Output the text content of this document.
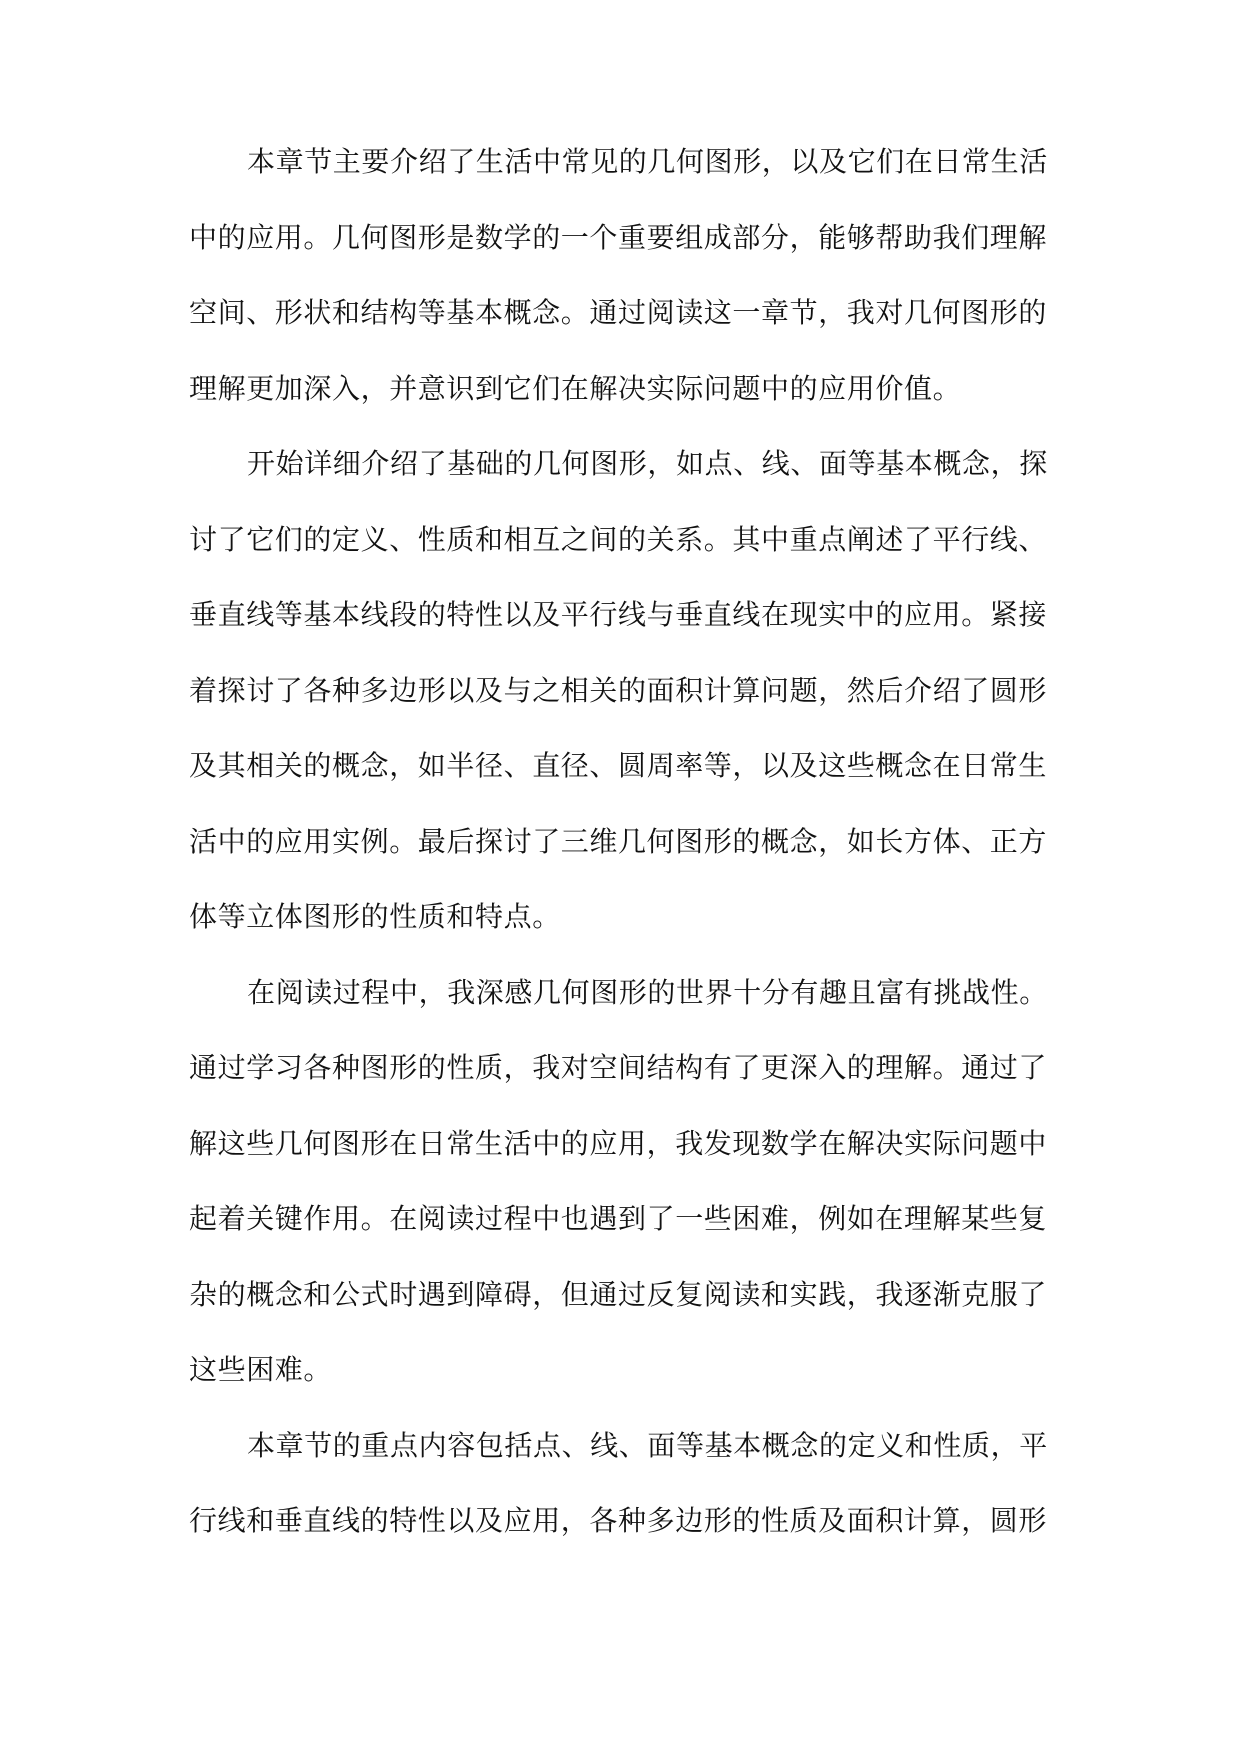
本章节主要介绍了生活中常见的几何图形，以及它们在日常生活
中的应用。几何图形是数学的一个重要组成部分，能够帮助我们理解
空间、形状和结构等基本概念。通过阅读这一章节，我对几何图形的
理解更加深入，并意识到它们在解决实际问题中的应用价值。
开始详细介绍了基础的几何图形，如点、线、面等基本概念，探
讨了它们的定义、性质和相互之间的关系。其中重点阐述了平行线、
垂直线等基本线段的特性以及平行线与垂直线在现实中的应用。紧接
着探讨了各种多边形以及与之相关的面积计算问题，然后介绍了圆形
及其相关的概念，如半径、直径、圆周率等，以及这些概念在日常生
活中的应用实例。最后探讨了三维几何图形的概念，如长方体、正方
体等立体图形的性质和特点。
在阅读过程中，我深感几何图形的世界十分有趣且富有挑战性。
通过学习各种图形的性质，我对空间结构有了更深入的理解。通过了
解这些几何图形在日常生活中的应用，我发现数学在解决实际问题中
起着关键作用。在阅读过程中也遇到了一些困难，例如在理解某些复
杂的概念和公式时遇到障碍，但通过反复阅读和实践，我逐渐克服了
这些困难。
本章节的重点内容包括点、线、面等基本概念的定义和性质，平
行线和垂直线的特性以及应用，各种多边形的性质及面积计算，圆形
